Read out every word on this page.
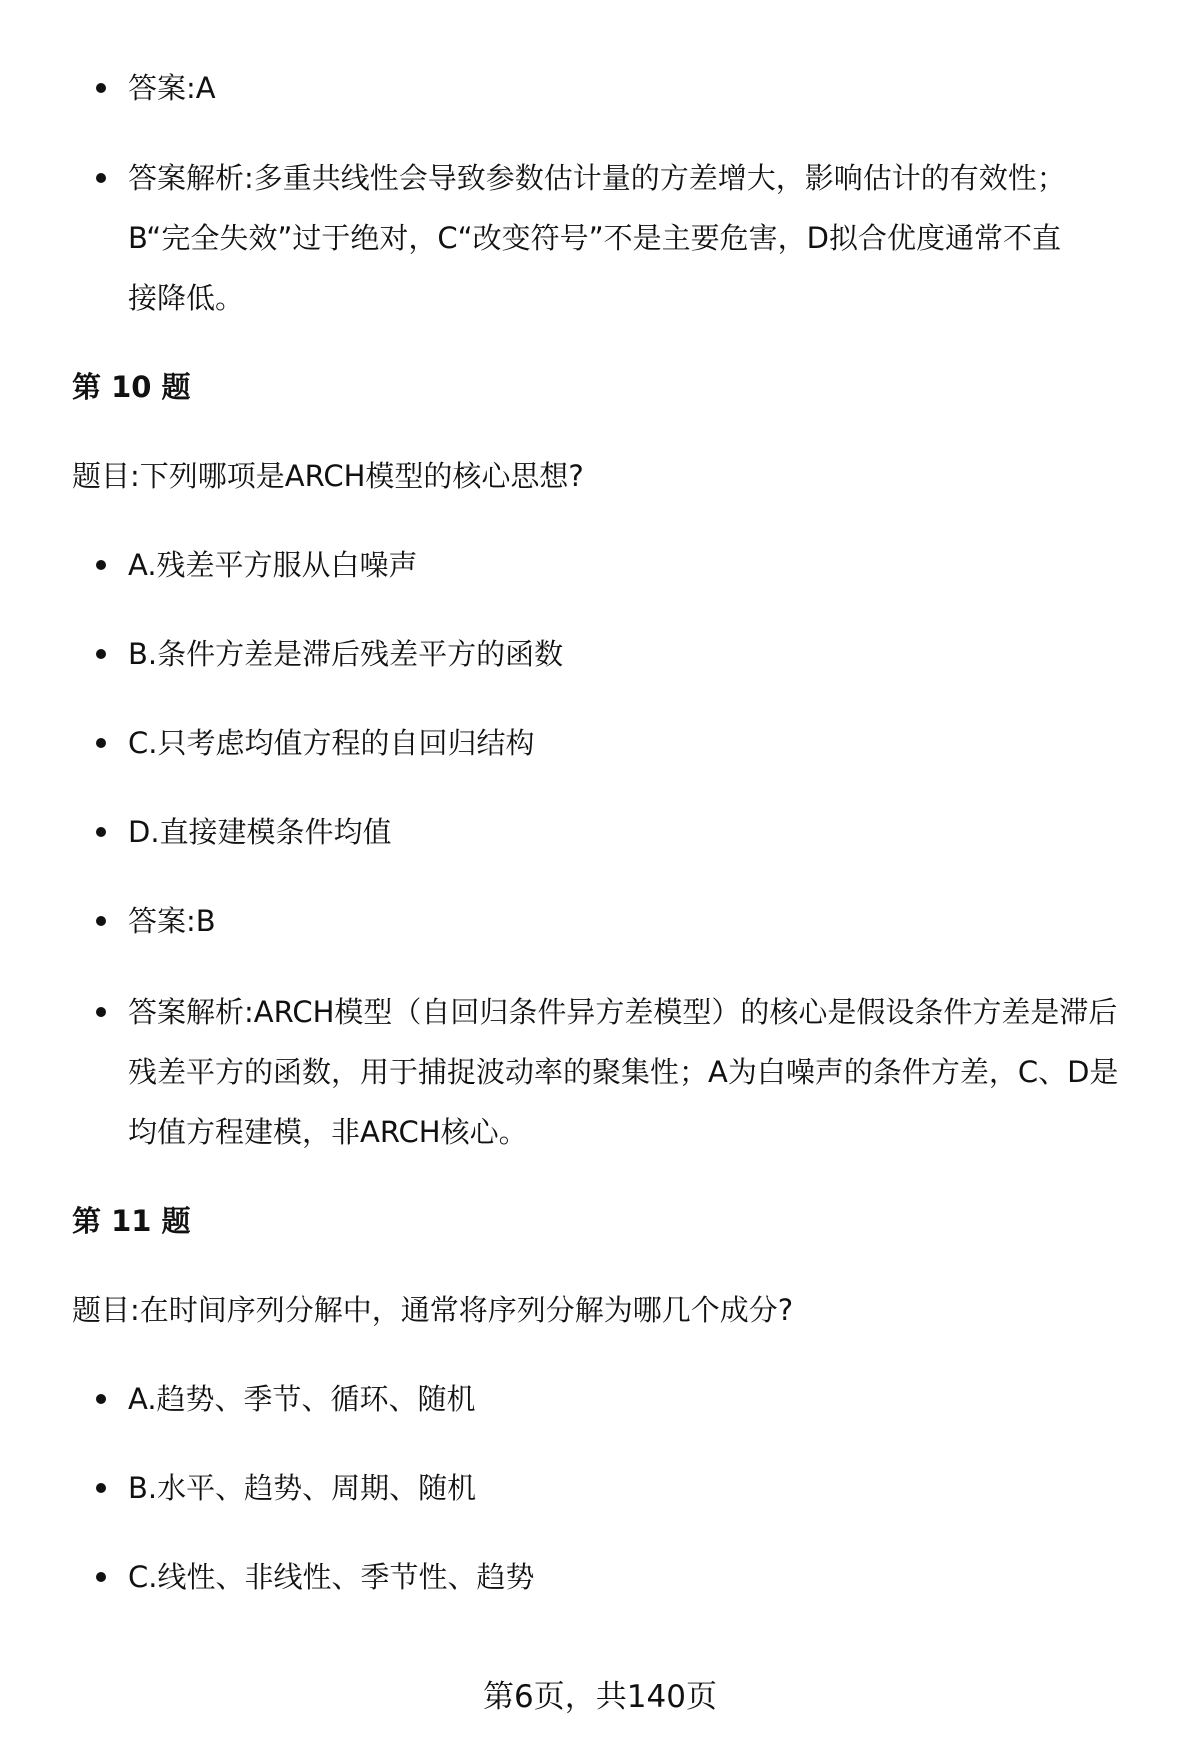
答案:A
答案解析:多重共线性会导致参数估计量的方差增大，影响估计的有效性；
B“完全失效”过于绝对，C“改变符号”不是主要危害，D拟合优度通常不直
接降低。
第 10 题
题目:下列哪项是ARCH模型的核心思想?
A.残差平方服从白噪声
B.条件方差是滞后残差平方的函数
C.只考虑均值方程的自回归结构
D.直接建模条件均值
答案:B
答案解析:ARCH模型（自回归条件异方差模型）的核心是假设条件方差是滞后
残差平方的函数，用于捕捉波动率的聚集性；A为白噪声的条件方差，C、D是
均值方程建模，非ARCH核心。
第 11 题
题目:在时间序列分解中，通常将序列分解为哪几个成分?
A.趋势、季节、循环、随机
B.水平、趋势、周期、随机
C.线性、非线性、季节性、趋势
第6页，共140页
